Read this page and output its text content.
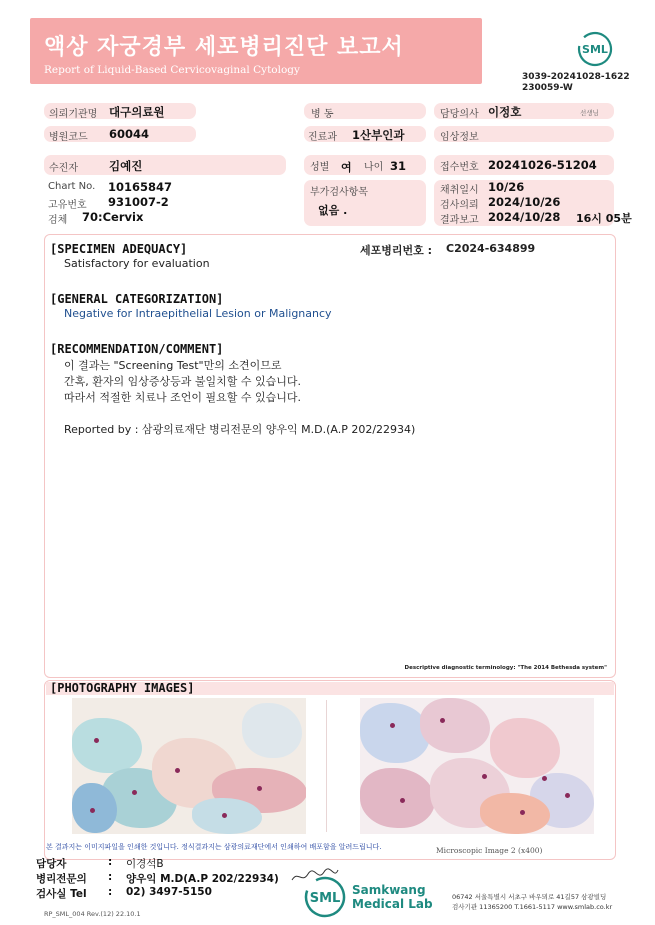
액상 자궁경부 세포병리진단 보고서
Report of Liquid-Based Cervicovaginal Cytology
SML
3039-20241028-1622
230059-W
의뢰기관명 대구의료원	병 동	담당의사 이정호	선생님
병원코드 60044	진료과 1산부인과	임상정보
수진자	김예진	성별 여 나이 31	접수번호 20241026-51204
Chart No. 10165847
고유번호 931007-2
검체 70:Cervix
부가검사항목
없음 .
채취일시 10/26
검사의뢰 2024/10/26
결과보고 2024/10/28 16시 05분
Descriptive diagnostic terminology: "The 2014 Bethesda system"
[SPECIMEN ADEQUACY]
Satisfactory for evaluation
세포병리번호 : C2024-634899
[GENERAL CATEGORIZATION]
Negative for Intraepithelial Lesion or Malignancy
[RECOMMENDATION/COMMENT]
이 결과는 "Screening Test"만의 소견이므로
간혹, 환자의 임상증상등과 불일치할 수 있습니다.
따라서 적절한 치료나 조언이 필요할 수 있습니다.
Reported by : 삼광의료재단 병리전문의 양우익 M.D.(A.P 202/22934)
[PHOTOGRAPHY IMAGES]
본 결과지는 이미지파일을 인쇄한 것입니다. 정식결과지는 삼광의료재단에서 인쇄하여 배포함을 알려드립니다.	Microscopic Image 2 (x400)
담당자	: 이경석B
병리전문의 : 양우익 M.D(A.P 202/22934)
검사실 Tel : 02) 3497-5150	SML
Samkwang
Medical Lab	06742 서울특별시 서초구 바우뫼로 41길57 삼광빌딩
검사기관 11365200 T.1661-5117 www.smlab.co.kr
RP_SML_004 Rev.(12) 22.10.1
